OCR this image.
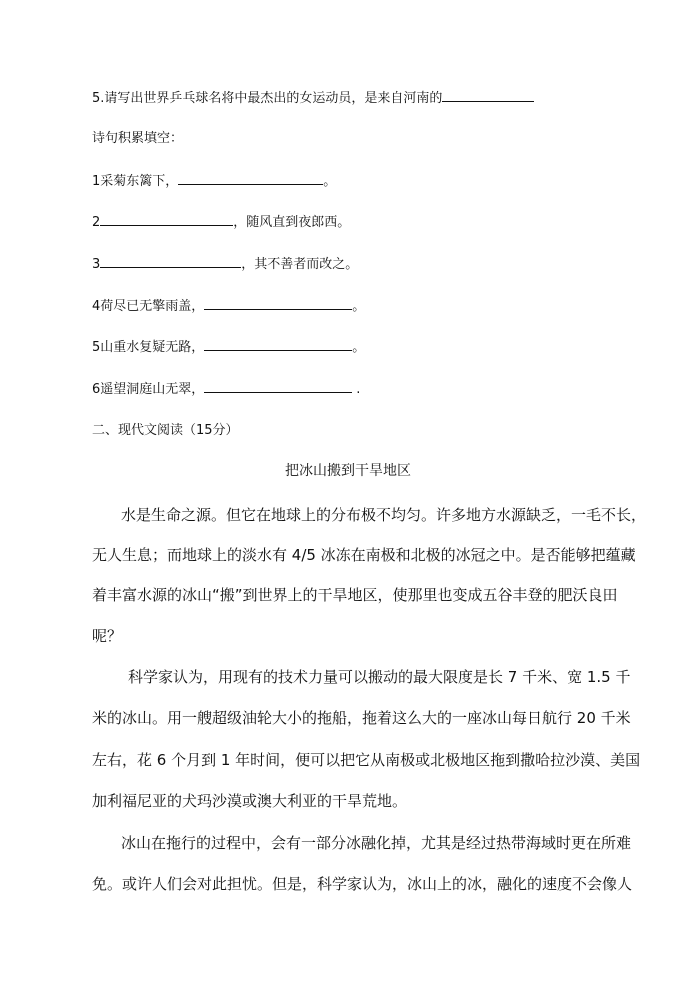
5.请写出世界乒乓球名将中最杰出的女运动员，是来自河南的
诗句积累填空：
1采菊东篱下，	。
2	，随风直到夜郎西。
3	，其不善者而改之。
4荷尽已无擎雨盖，	。
5山重水复疑无路，	。
6遥望洞庭山无翠，	.
二、现代文阅读（15分）
把冰山搬到干旱地区
水是生命之源。但它在地球上的分布极不均匀。许多地方水源缺乏，一毛不长，
无人生息；而地球上的淡水有 4/5 冰冻在南极和北极的冰冠之中。是否能够把蕴藏
着丰富水源的冰山“搬”到世界上的干旱地区，使那里也变成五谷丰登的肥沃良田
呢？
科学家认为，用现有的技术力量可以搬动的最大限度是长 7 千米、宽 1.5 千
米的冰山。用一艘超级油轮大小的拖船，拖着这么大的一座冰山每日航行 20 千米
左右，花 6 个月到 1 年时间，便可以把它从南极或北极地区拖到撒哈拉沙漠、美国
加利福尼亚的犬玛沙漠或澳大利亚的干旱荒地。
冰山在拖行的过程中，会有一部分冰融化掉，尤其是经过热带海域时更在所难
免。或许人们会对此担忧。但是，科学家认为，冰山上的冰，融化的速度不会像人
